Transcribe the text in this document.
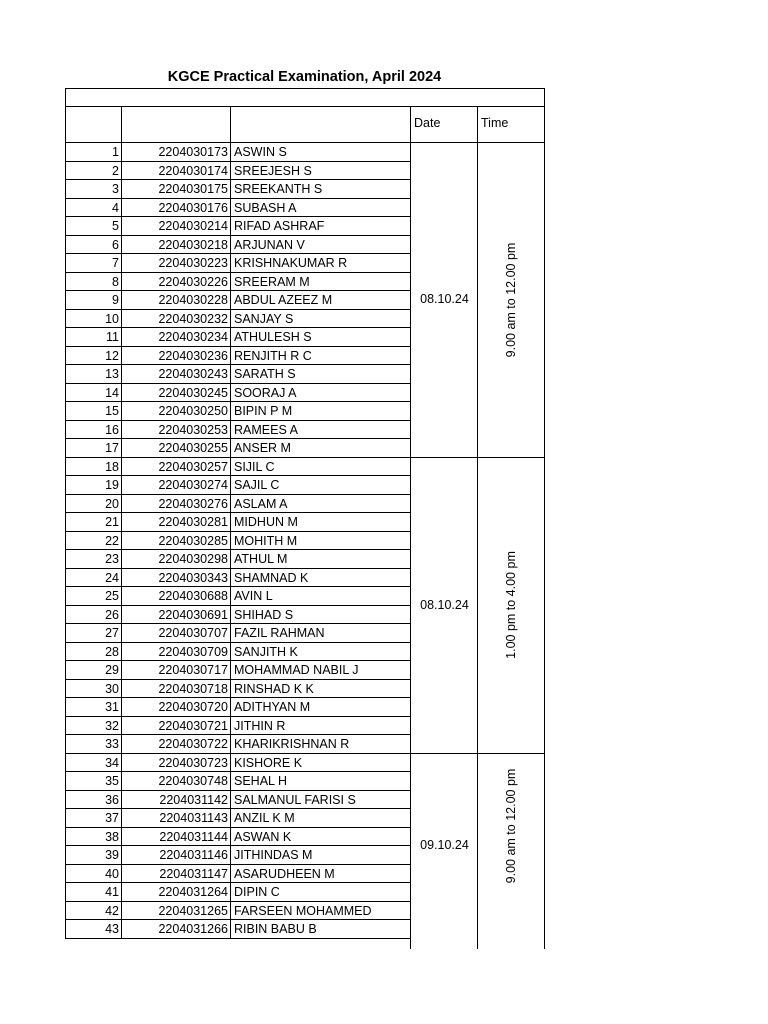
KGCE Practical Examination, April 2024
Date	Time
1	2204030173 ASWIN S
2	2204030174 SREEJESH S
3	2204030175 SREEKANTH S
4	2204030176 SUBASH A
5	2204030214 RIFAD ASHRAF
6	2204030218 ARJUNAN V
7	2204030223 KRISHNAKUMAR R
8	2204030226 SREERAM M
9	2204030228 ABDUL AZEEZ M
10	2204030232 SANJAY S
11	2204030234 ATHULESH S
12	2204030236 RENJITH R C
13	2204030243 SARATH S
14	2204030245 SOORAJ A
15	2204030250 BIPIN P M
16	2204030253 RAMEES A
17	2204030255 ANSER M
08.10.24	9.00 am to 12.00 pm
18	2204030257 SIJIL C
19	2204030274 SAJIL C
20	2204030276 ASLAM A
21	2204030281 MIDHUN M
22	2204030285 MOHITH M
23	2204030298 ATHUL M
24	2204030343 SHAMNAD K
25	2204030688 AVIN L
26	2204030691 SHIHAD S
27	2204030707 FAZIL RAHMAN
28	2204030709 SANJITH K
29	2204030717 MOHAMMAD NABIL J
30	2204030718 RINSHAD K K
31	2204030720 ADITHYAN M
32	2204030721 JITHIN R
33	2204030722 KHARIKRISHNAN R
08.10.24	1.00 pm to 4.00 pm
34	2204030723 KISHORE K
35	2204030748 SEHAL H
36	2204031142 SALMANUL FARISI S
37	2204031143 ANZIL K M
38	2204031144 ASWAN K
39	2204031146 JITHINDAS M
40	2204031147 ASARUDHEEN M
41	2204031264 DIPIN C
42	2204031265 FARSEEN MOHAMMED
43	2204031266 RIBIN BABU B
09.10.24	9.00 am to 12.00 pm
